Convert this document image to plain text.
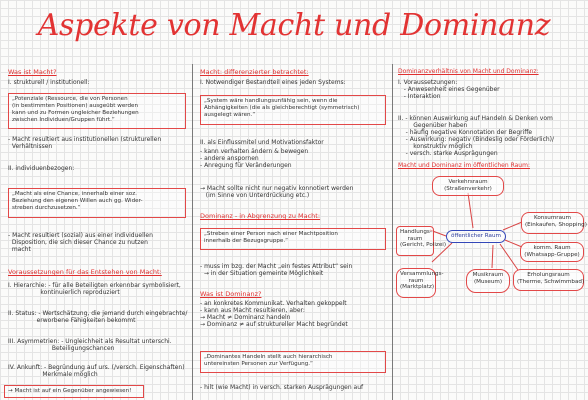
Aspekte von Macht und Dominanz
Was ist Macht?
I. strukturell / institutionell:
„Potenziale (Ressource, die von Personen
(in bestimmten Positionen) ausgeübt werden
kann und zu Formen ungleicher Beziehungen
zwischen Individuen/Gruppen führt.“
- Macht resultiert aus institutionellen (strukturellen
Verhältnissen
II. individuenbezogen:
„Macht als eine Chance, innerhalb einer soz.
Beziehung den eigenen Willen auch gg. Wider-
streben durchzusetzen.“
- Macht resultiert (sozial) aus einer individuellen
Disposition, die sich dieser Chance zu nutzen
macht
Voraussetzungen für das Entstehen von Macht:
I. Hierarchie: - für alle Beteiligten erkennbar symbolisiert,
kontinuierlich reproduziert
II. Status: - Wertschätzung, die jemand durch eingebrachte/
erworbene Fähigkeiten bekommt
III. Asymmetrien: - Ungleichheit als Resultat unterschi.
Beteiligungschancen
IV. Ankunft: - Begründung auf urs. (/versch. Eigenschaften)
Merkmale möglich
→ Macht ist auf ein Gegenüber angewiesen!
Macht: differenzierter betrachtet:
I. Notwendiger Bestandteil eines jeden Systems:
„System wäre handlungsunfähig sein, wenn die
Abhängigkeiten (die als gleichberechtigt (symmetrisch)
ausgelegt wären.“
II. als Einflussmitel und Motivationsfaktor
- kann verhalten ändern & bewegen
- andere anspornen
- Anregung für Veränderungen
→ Macht sollte nicht nur negativ konnotiert werden
(im Sinne von Unterdrückung etc.)
Dominanz - in Abgrenzung zu Macht:
„Streben einer Person nach einer Machtposition
innerhalb der Bezugsgruppe.“
- muss im bzg. der Macht „ein festes Attribut“ sein
→ in der Situation gemeinte Möglichkeit
Was ist Dominanz?
- an konkretes Kommunikat. Verhalten gekoppelt
- kann aus Macht resultieren, aber:
→ Macht ≠ Dominanz handeln
→ Dominanz ≠ auf struktureller Macht begründet
„Dominantes Handeln stellt auch hierarchisch
untereinsten Personen zur Verfügung.“
- hilt (wie Macht) in versch. starken Ausprägungen auf
Dominanzverhältnis von Macht und Dominanz:
I. Voraussetzungen:
- Anwesenheit eines Gegenüber
- Interaktion
II. - können Auswirkung auf Handeln & Denken vom
Gegenüber haben
- häufig negative Konnotation der Begriffe
- Auswirkung: negativ (Bindeslig oder Förderlich)/
konstruktiv möglich
- versch. starke Ausprägungen
Macht und Dominanz im öffentlichen Raum:
Verkehrsraum
(Straßenverkehr)
öffentlicher Raum
Handlungs-
raum
(Gericht, Polizei)
Versammlungs-
raum
(Marktplatz)
Musikraum
(Museum)
Konsumraum
(Einkaufen, Shopping)
komm. Raum
(Whatsapp-Gruppe)
Erholungsraum
(Therme, Schwimmbad)
